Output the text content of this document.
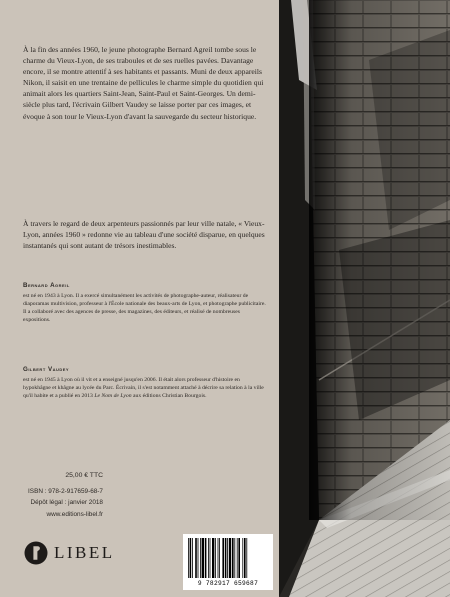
À la fin des années 1960, le jeune photographe Bernard Agreil tombe sous le charme du Vieux-Lyon, de ses traboules et de ses ruelles pavées. Davantage encore, il se montre attentif à ses habitants et passants. Muni de deux appareils Nikon, il saisit en une trentaine de pellicules le charme simple du quotidien qui animait alors les quartiers Saint-Jean, Saint-Paul et Saint-Georges. Un demi-siècle plus tard, l'écrivain Gilbert Vaudey se laisse porter par ces images, et évoque à son tour le Vieux-Lyon d'avant la sauvegarde du secteur historique.

À travers le regard de deux arpenteurs passionnés par leur ville natale, « Vieux-Lyon, années 1960 » redonne vie au tableau d'une société disparue, en quelques instantanés qui sont autant de trésors inestimables.

Bernard Agreil
est né en 1943 à Lyon. Il a exercé simultanément les activités de photographe-auteur, réalisateur de diaporamas multivision, professeur à l'École nationale des beaux-arts de Lyon, et photographe publicitaire. Il a collaboré avec des agences de presse, des magazines, des éditeurs, et réalisé de nombreuses expositions.
Gilbert Vaudey
est né en 1945 à Lyon où il vit et a enseigné jusqu'en 2006. Il était alors professeur d'histoire en hypokhâgne et khâgne au lycée du Parc. Écrivain, il s'est notamment attaché à décrire sa relation à la ville qu'il habite et a publié en 2013 Le Nom de Lyon aux éditions Christian Bourgois.
25,00 € TTC
ISBN : 978-2-917659-68-7
Dépôt légal : janvier 2018
www.editions-libel.fr
LIBEL
9 782917 659687
